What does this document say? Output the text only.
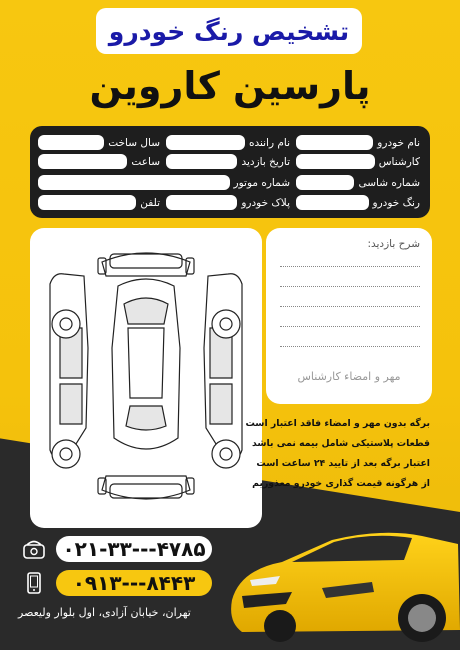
تشخیص رنگ خودرو
پارسین کاروین
نام خودرو
نام راننده
سال ساخت
کارشناس
تاریخ بازدید
ساعت
شماره شاسی
شماره موتور
رنگ خودرو
پلاک خودرو
تلفن
شرح بازدید:
مهر و امضاء کارشناس
برگه بدون مهر و امضاء فاقد اعتبار است
قطعات پلاستیکی شامل بیمه نمی باشد
اعتبار برگه بعد از تایید ۲۴ ساعت است
از هرگونه قیمت گذاری خودرو معذوریم
۰۲۱-۳۳---۴۷۸۵
۰۹۱۳---۸۴۴۳
تهران، خیابان آزادی، اول بلوار ولیعصر
